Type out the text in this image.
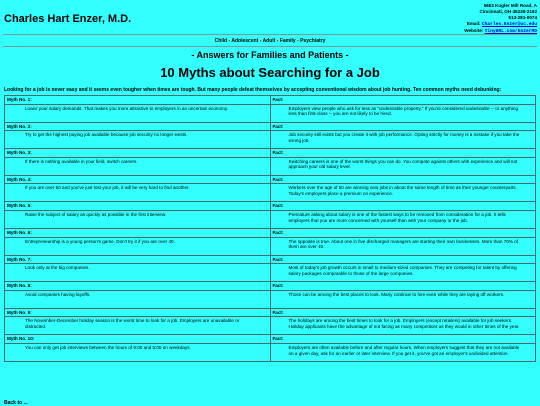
Charles Hart Enzer, M.D.
5663 Kugler Mill Road, A
Cincinnati, OH 45236-2162
513-281-0074
Email: Charles.Enzer@uc.edu
Website: TinyURL.com/EnzerMD
Child - Adolescent - Adult - Family - Psychiatry
- Answers for Families and Patients -
10 Myths about Searching for a Job
Looking for a job is never easy and it seems even tougher when times are tough. But many people defeat themselves by accepting conventional wisdom about job hunting. Ten common myths need debunking:
Myth No. 1:	Fact:
Lower your salary demands. That makes you more attractive to employers in an uncertain economy.	Employers view people who ask for less as "undesirable property." If you're considered undesirable -- or anything less than first-class -- you are not likely to be hired.
Myth No. 2:	Fact:
Try to get the highest paying job available because job security no longer exists.	Job security still exists but you create it with job performance. Opting strictly for money is a mistake if you take the wrong job.
Myth No. 3:	Fact:
If there is nothing available in your field, switch careers.	Switching careers is one of the worst things you can do. You compete against others with experience and will not approach your old salary level.
Myth No. 4:	Fact:
If you are over 50 and you've just lost your job, it will be very hard to find another.	Workers over the age of 50 are winning new jobs in about the same length of time as their younger counterparts. Today's employers place a premium on experience.
Myth No. 5:	Fact:
Raise the subject of salary as quickly as possible in the first interview.	Premature asking about salary is one of the fastest ways to be removed from consideration for a job. It tells employers that you are more concerned with yourself than with your company or the job.
Myth No. 6:	Fact:
Entrepreneurship is a young person's game. Don't try it if you are over 40.	The opposite is true. About one in five discharged managers are starting their own businesses. More than 70% of them are over 40.
Myth No. 7:	Fact:
Look only at the big companies.	Most of today's job growth occurs in small to medium-sized companies. They are competing for talent by offering salary packages comparable to those of the large companies.
Myth No. 8:	Fact:
Avoid companies having layoffs.	Those can be among the best places to look. Many continue to hire even while they are laying off workers.
Myth No. 9:	Fact:
The November-December holiday season is the worst time to look for a job. Employers are unavailable or distracted.	The holidays are among the best times to look for a job. Employers (except retailers) available for job seekers. Holiday applicants have the advantage of not facing as many competitors as they would in other times of the year.
Myth No. 10:	Fact:
You can only get job interviews between the hours of 9:00 and 5:00 on weekdays.	Employers are often available before and after regular hours. When employers suggest that they are not available on a given day, ask for an earlier or later interview. If you get it, you've got an employer's undivided attention.
Back to ...
